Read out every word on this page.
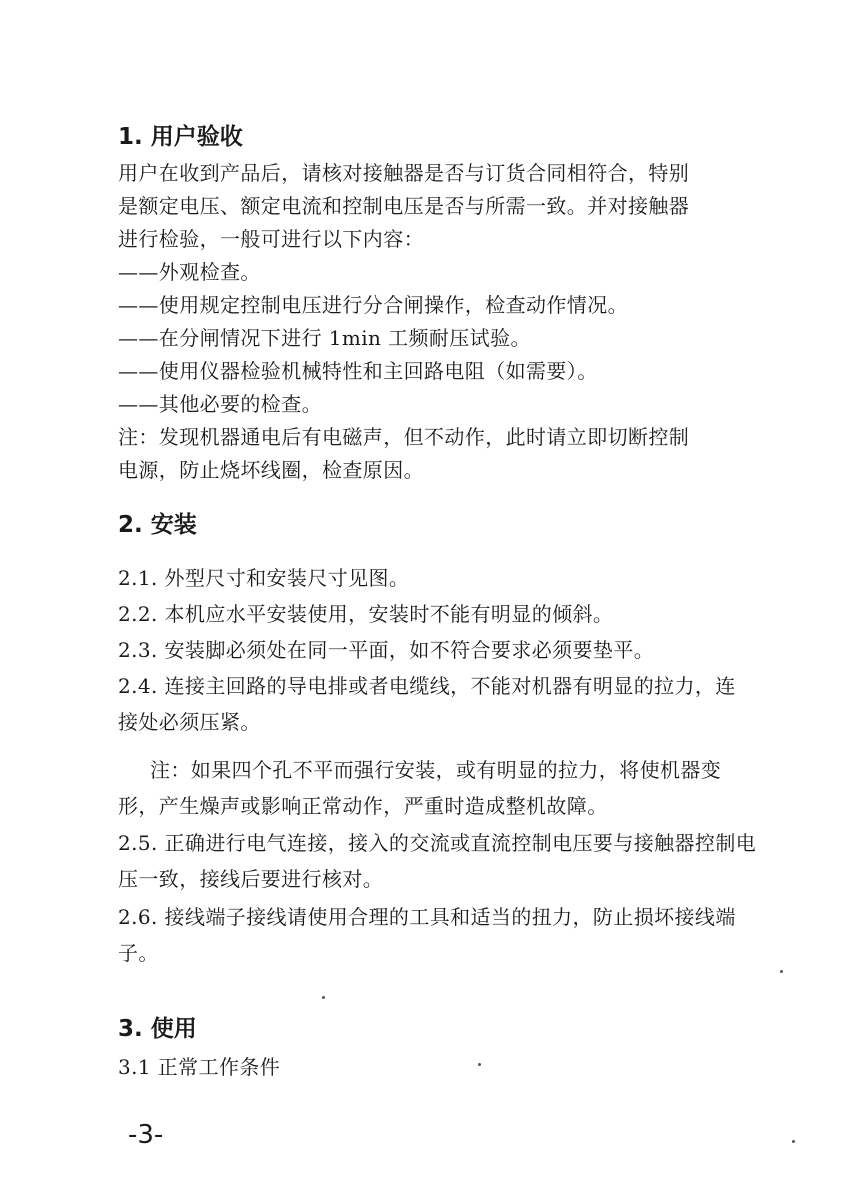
1. 用户验收
用户在收到产品后，请核对接触器是否与订货合同相符合，特别
是额定电压、额定电流和控制电压是否与所需一致。并对接触器
进行检验，一般可进行以下内容：
——外观检查。
——使用规定控制电压进行分合闸操作，检查动作情况。
——在分闸情况下进行 1min 工频耐压试验。
——使用仪器检验机械特性和主回路电阻（如需要）。
——其他必要的检查。
注：发现机器通电后有电磁声，但不动作，此时请立即切断控制
电源，防止烧坏线圈，检查原因。
2. 安装
2.1. 外型尺寸和安装尺寸见图。
2.2. 本机应水平安装使用，安装时不能有明显的倾斜。
2.3. 安装脚必须处在同一平面，如不符合要求必须要垫平。
2.4. 连接主回路的导电排或者电缆线，不能对机器有明显的拉力，连
接处必须压紧。
注：如果四个孔不平而强行安装，或有明显的拉力，将使机器变
形，产生燥声或影响正常动作，严重时造成整机故障。
2.5. 正确进行电气连接，接入的交流或直流控制电压要与接触器控制电
压一致，接线后要进行核对。
2.6. 接线端子接线请使用合理的工具和适当的扭力，防止损坏接线端
子。
3. 使用
3.1 正常工作条件
-3-
